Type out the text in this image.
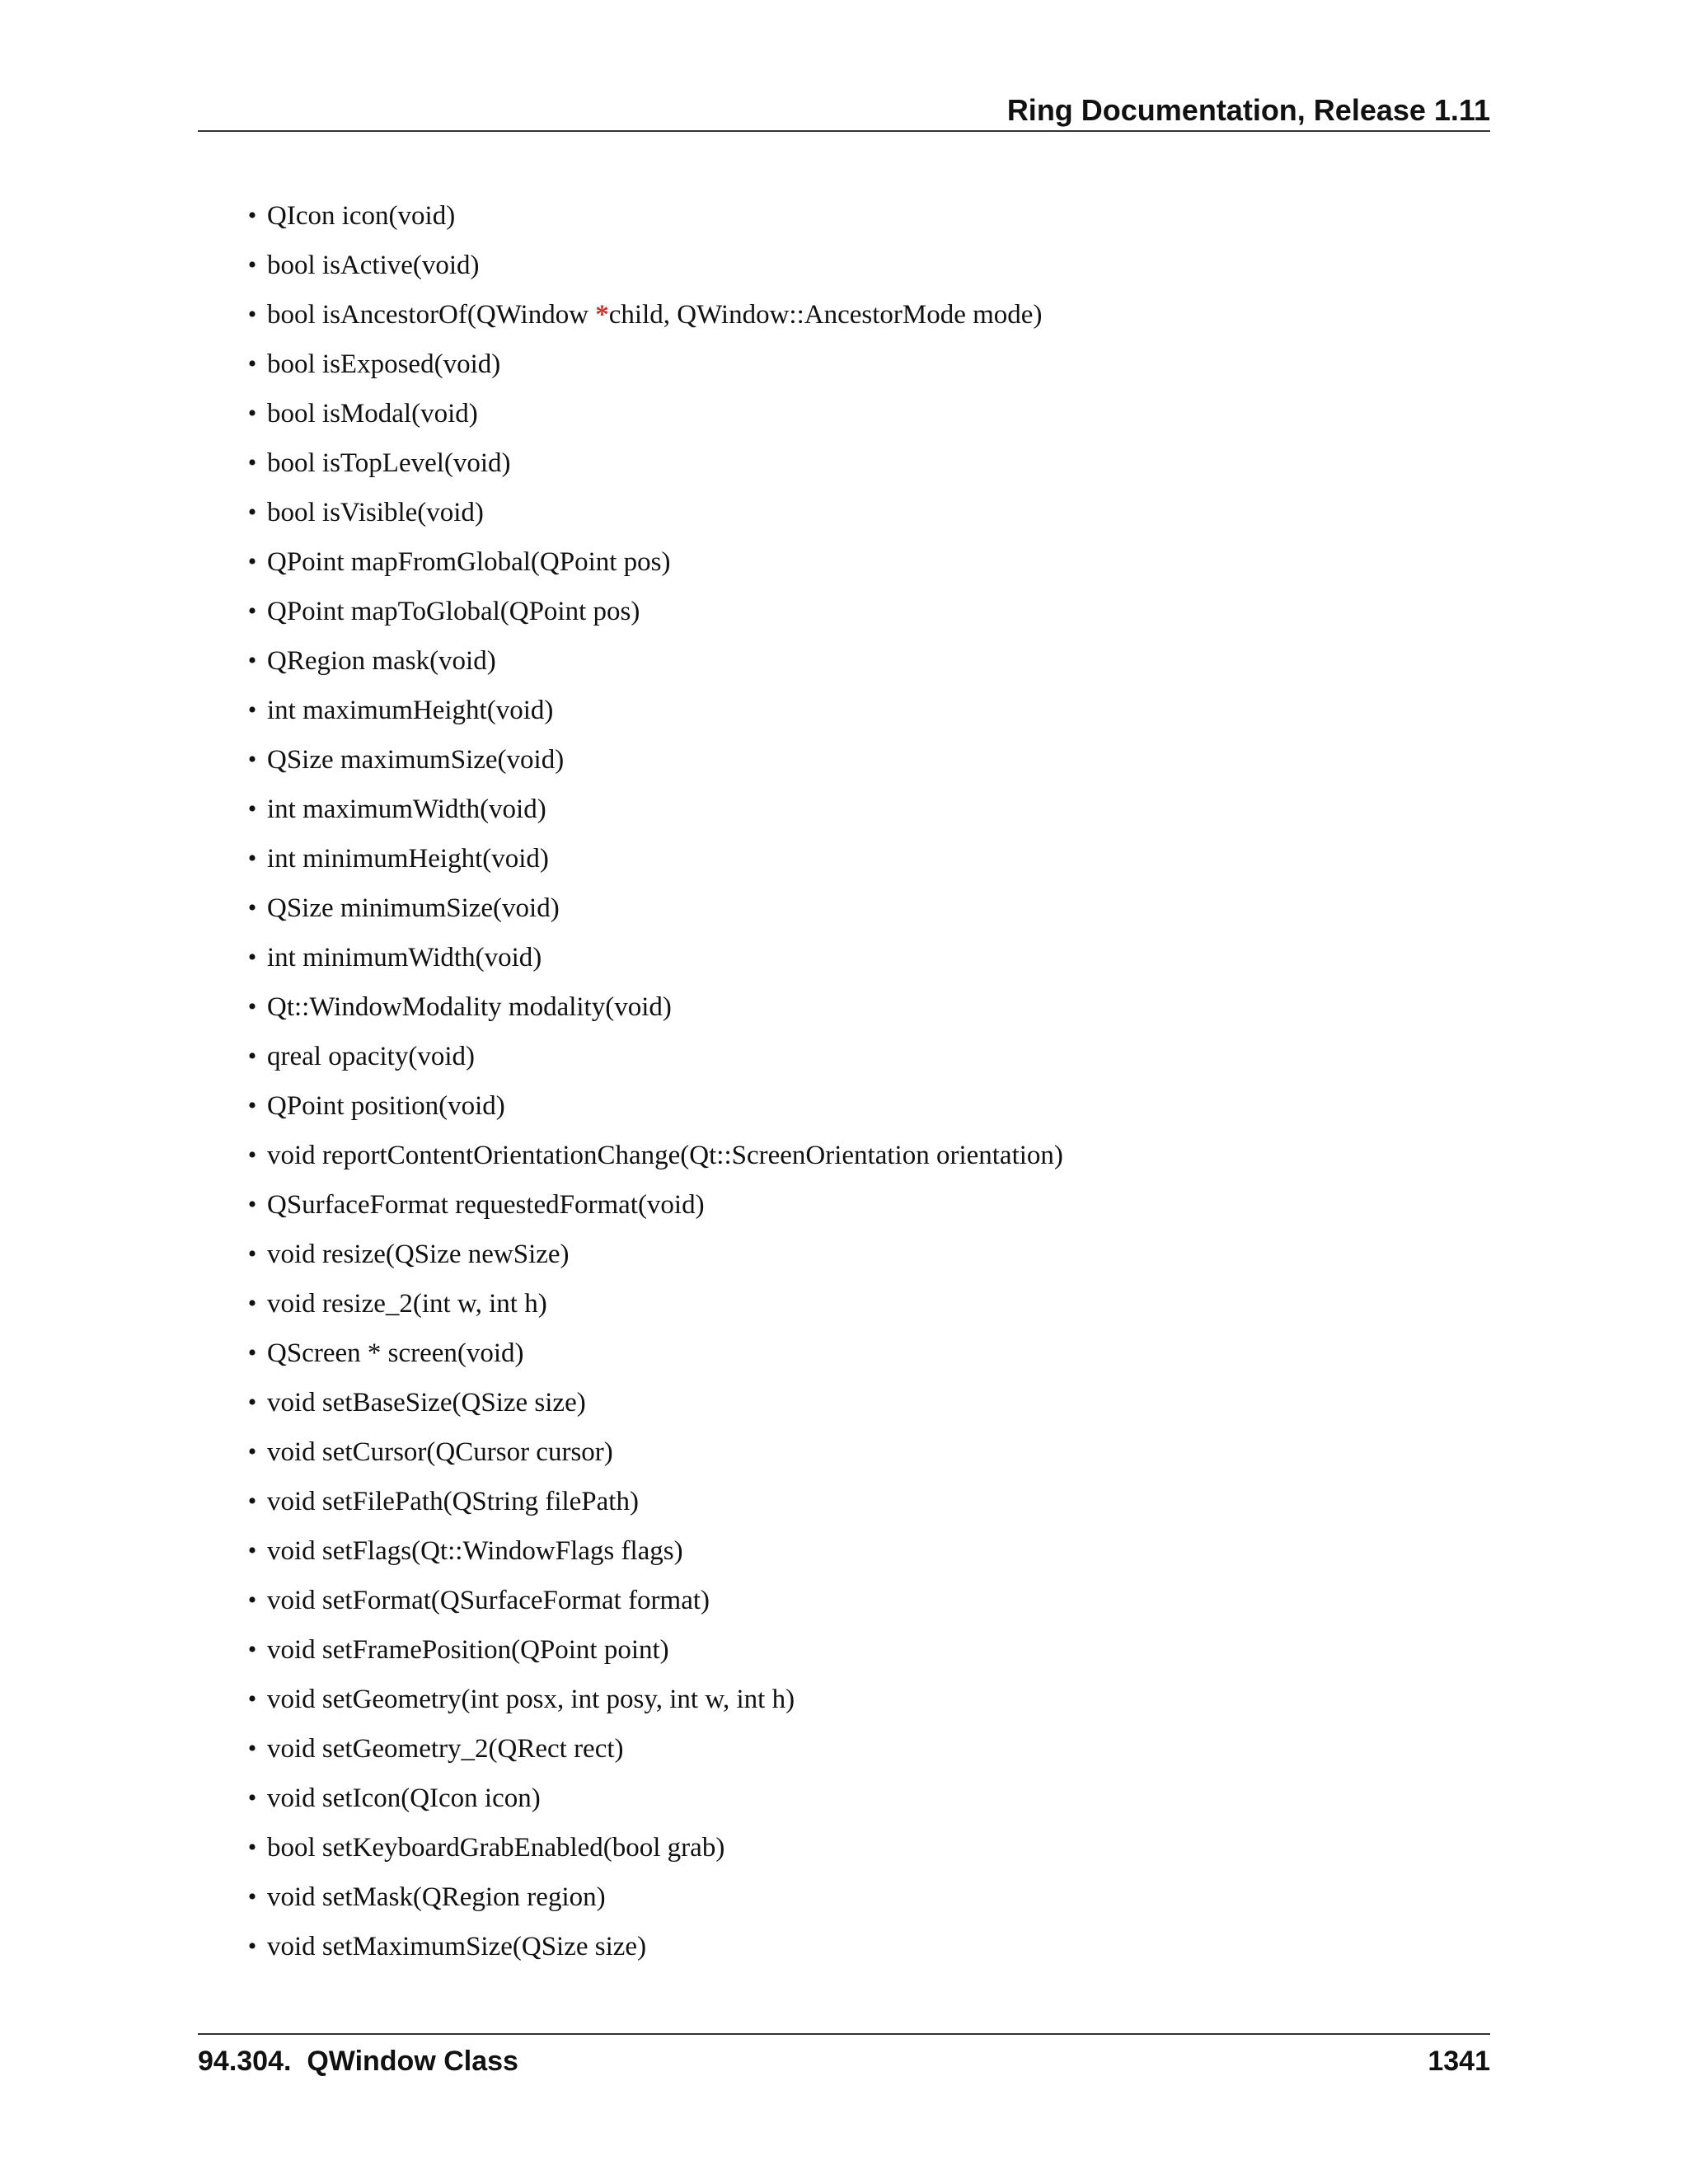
Ring Documentation, Release 1.11
• QIcon icon(void)
• bool isActive(void)
• bool isAncestorOf(QWindow *child, QWindow::AncestorMode mode)
• bool isExposed(void)
• bool isModal(void)
• bool isTopLevel(void)
• bool isVisible(void)
• QPoint mapFromGlobal(QPoint pos)
• QPoint mapToGlobal(QPoint pos)
• QRegion mask(void)
• int maximumHeight(void)
• QSize maximumSize(void)
• int maximumWidth(void)
• int minimumHeight(void)
• QSize minimumSize(void)
• int minimumWidth(void)
• Qt::WindowModality modality(void)
• qreal opacity(void)
• QPoint position(void)
• void reportContentOrientationChange(Qt::ScreenOrientation orientation)
• QSurfaceFormat requestedFormat(void)
• void resize(QSize newSize)
• void resize_2(int w, int h)
• QScreen * screen(void)
• void setBaseSize(QSize size)
• void setCursor(QCursor cursor)
• void setFilePath(QString filePath)
• void setFlags(Qt::WindowFlags flags)
• void setFormat(QSurfaceFormat format)
• void setFramePosition(QPoint point)
• void setGeometry(int posx, int posy, int w, int h)
• void setGeometry_2(QRect rect)
• void setIcon(QIcon icon)
• bool setKeyboardGrabEnabled(bool grab)
• void setMask(QRegion region)
• void setMaximumSize(QSize size)
94.304.  QWindow Class	1341
